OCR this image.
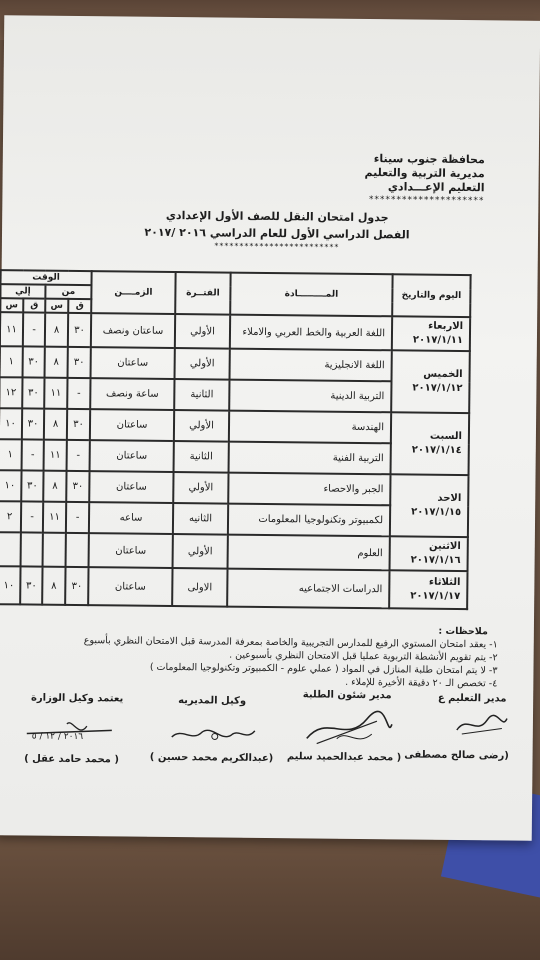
محافظة جنوب سيناء
مديرية التربية والتعليم
التعليم الإعـــدادي
*********************
جدول امتحان النقل للصف الأول الإعدادي
الفصل الدراسي الأول للعام الدراسي ٢٠١٦ /٢٠١٧
*************************
اليوم والتاريخ	المـــــــــادة	الفتــرة	الزمــــن	الوقت			
				من		إلي	
				ق	س	ق	س
الاربعاء
٢٠١٧/١/١١	اللغة العربية والخط العربي والاملاء	الأولي	ساعتان ونصف	٣٠	٨	-	١١
الخميس
٢٠١٧/١/١٢	اللغة الانجليزية	الأولي	ساعتان	٣٠	٨	٣٠	١
	التربية الدينية	الثانية	ساعة ونصف	-	١١	٣٠	١٢
السبت
٢٠١٧/١/١٤	الهندسة	الأولي	ساعتان	٣٠	٨	٣٠	١٠
	التربية الفنية	الثانية	ساعتان	-	١١	-	١
الاحد
٢٠١٧/١/١٥	الجبر والاحصاء	الأولي	ساعتان	٣٠	٨	٣٠	١٠
	لكمبيوتر وتكنولوجيا المعلومات	الثانيه	ساعه	-	١١	-	٢
الاثنين
٢٠١٧/١/١٦	العلوم	الأولي	ساعتان				
الثلاثاء
٢٠١٧/١/١٧	الدراسات الاجتماعيه	الاولى	ساعتان	٣٠	٨	٣٠	١٠
ملاحظات :
١- يعقد امتحان المستوي الرفيع للمدارس التجريبية والخاصة بمعرفة المدرسة قبل الامتحان النظري بأسبوع
٢- يتم تقويم الأنشطة التربوية عمليا قبل الامتحان النظري بأسبوعين .
٣- لا يتم امتحان طلبة المنازل في المواد ( عملي علوم - الكمبيوتر وتكنولوجيا المعلومات )
٤- تخصص الـ ٢٠ دقيقة الأخيرة للإملاء .
مدير التعليم ع
مدير شئون الطلبة
وكيل المديريه
يعتمد وكيل الوزارة
٢٠١٦ / ١٢ / ٥
(رضى صالح مصطفى
( محمد عبدالحميد سليم
(عبدالكريم محمد حسين )
( محمد حامد عقل )
